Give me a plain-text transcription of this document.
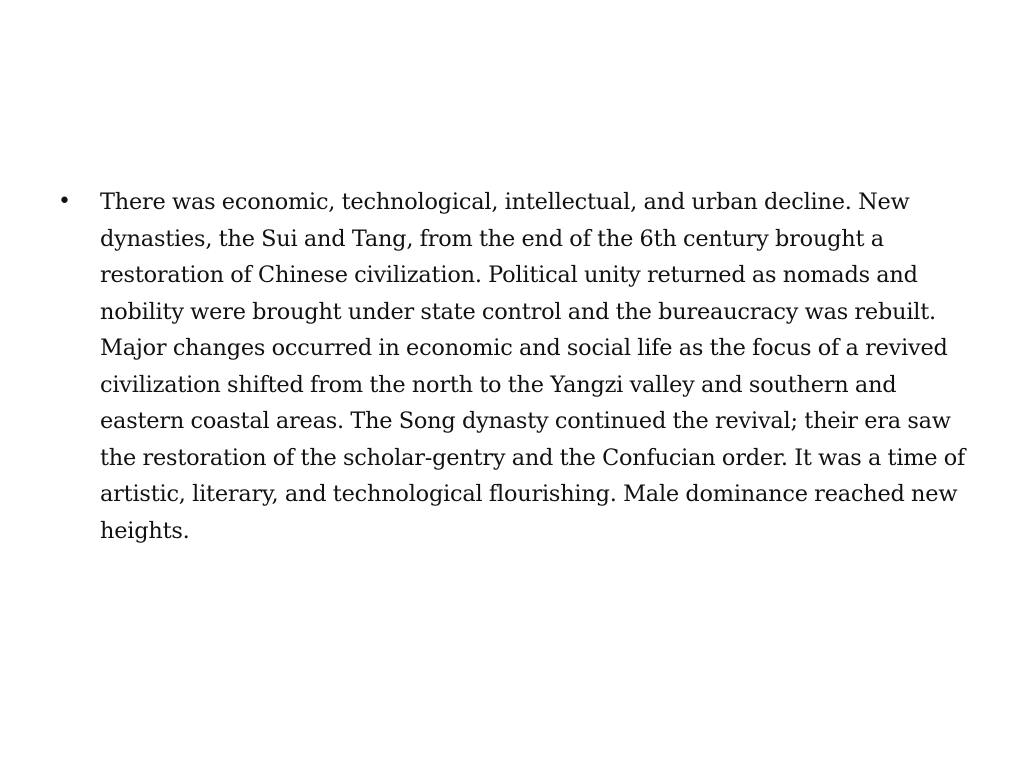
•	There was economic, technological, intellectual, and urban decline. New dynasties, the Sui and Tang, from the end of the 6th century brought a restoration of Chinese civilization. Political unity returned as nomads and nobility were brought under state control and the bureaucracy was rebuilt. Major changes occurred in economic and social life as the focus of a revived civilization shifted from the north to the Yangzi valley and southern and eastern coastal areas. The Song dynasty continued the revival; their era saw the restoration of the scholar-gentry and the Confucian order. It was a time of artistic, literary, and technological flourishing. Male dominance reached new heights.
